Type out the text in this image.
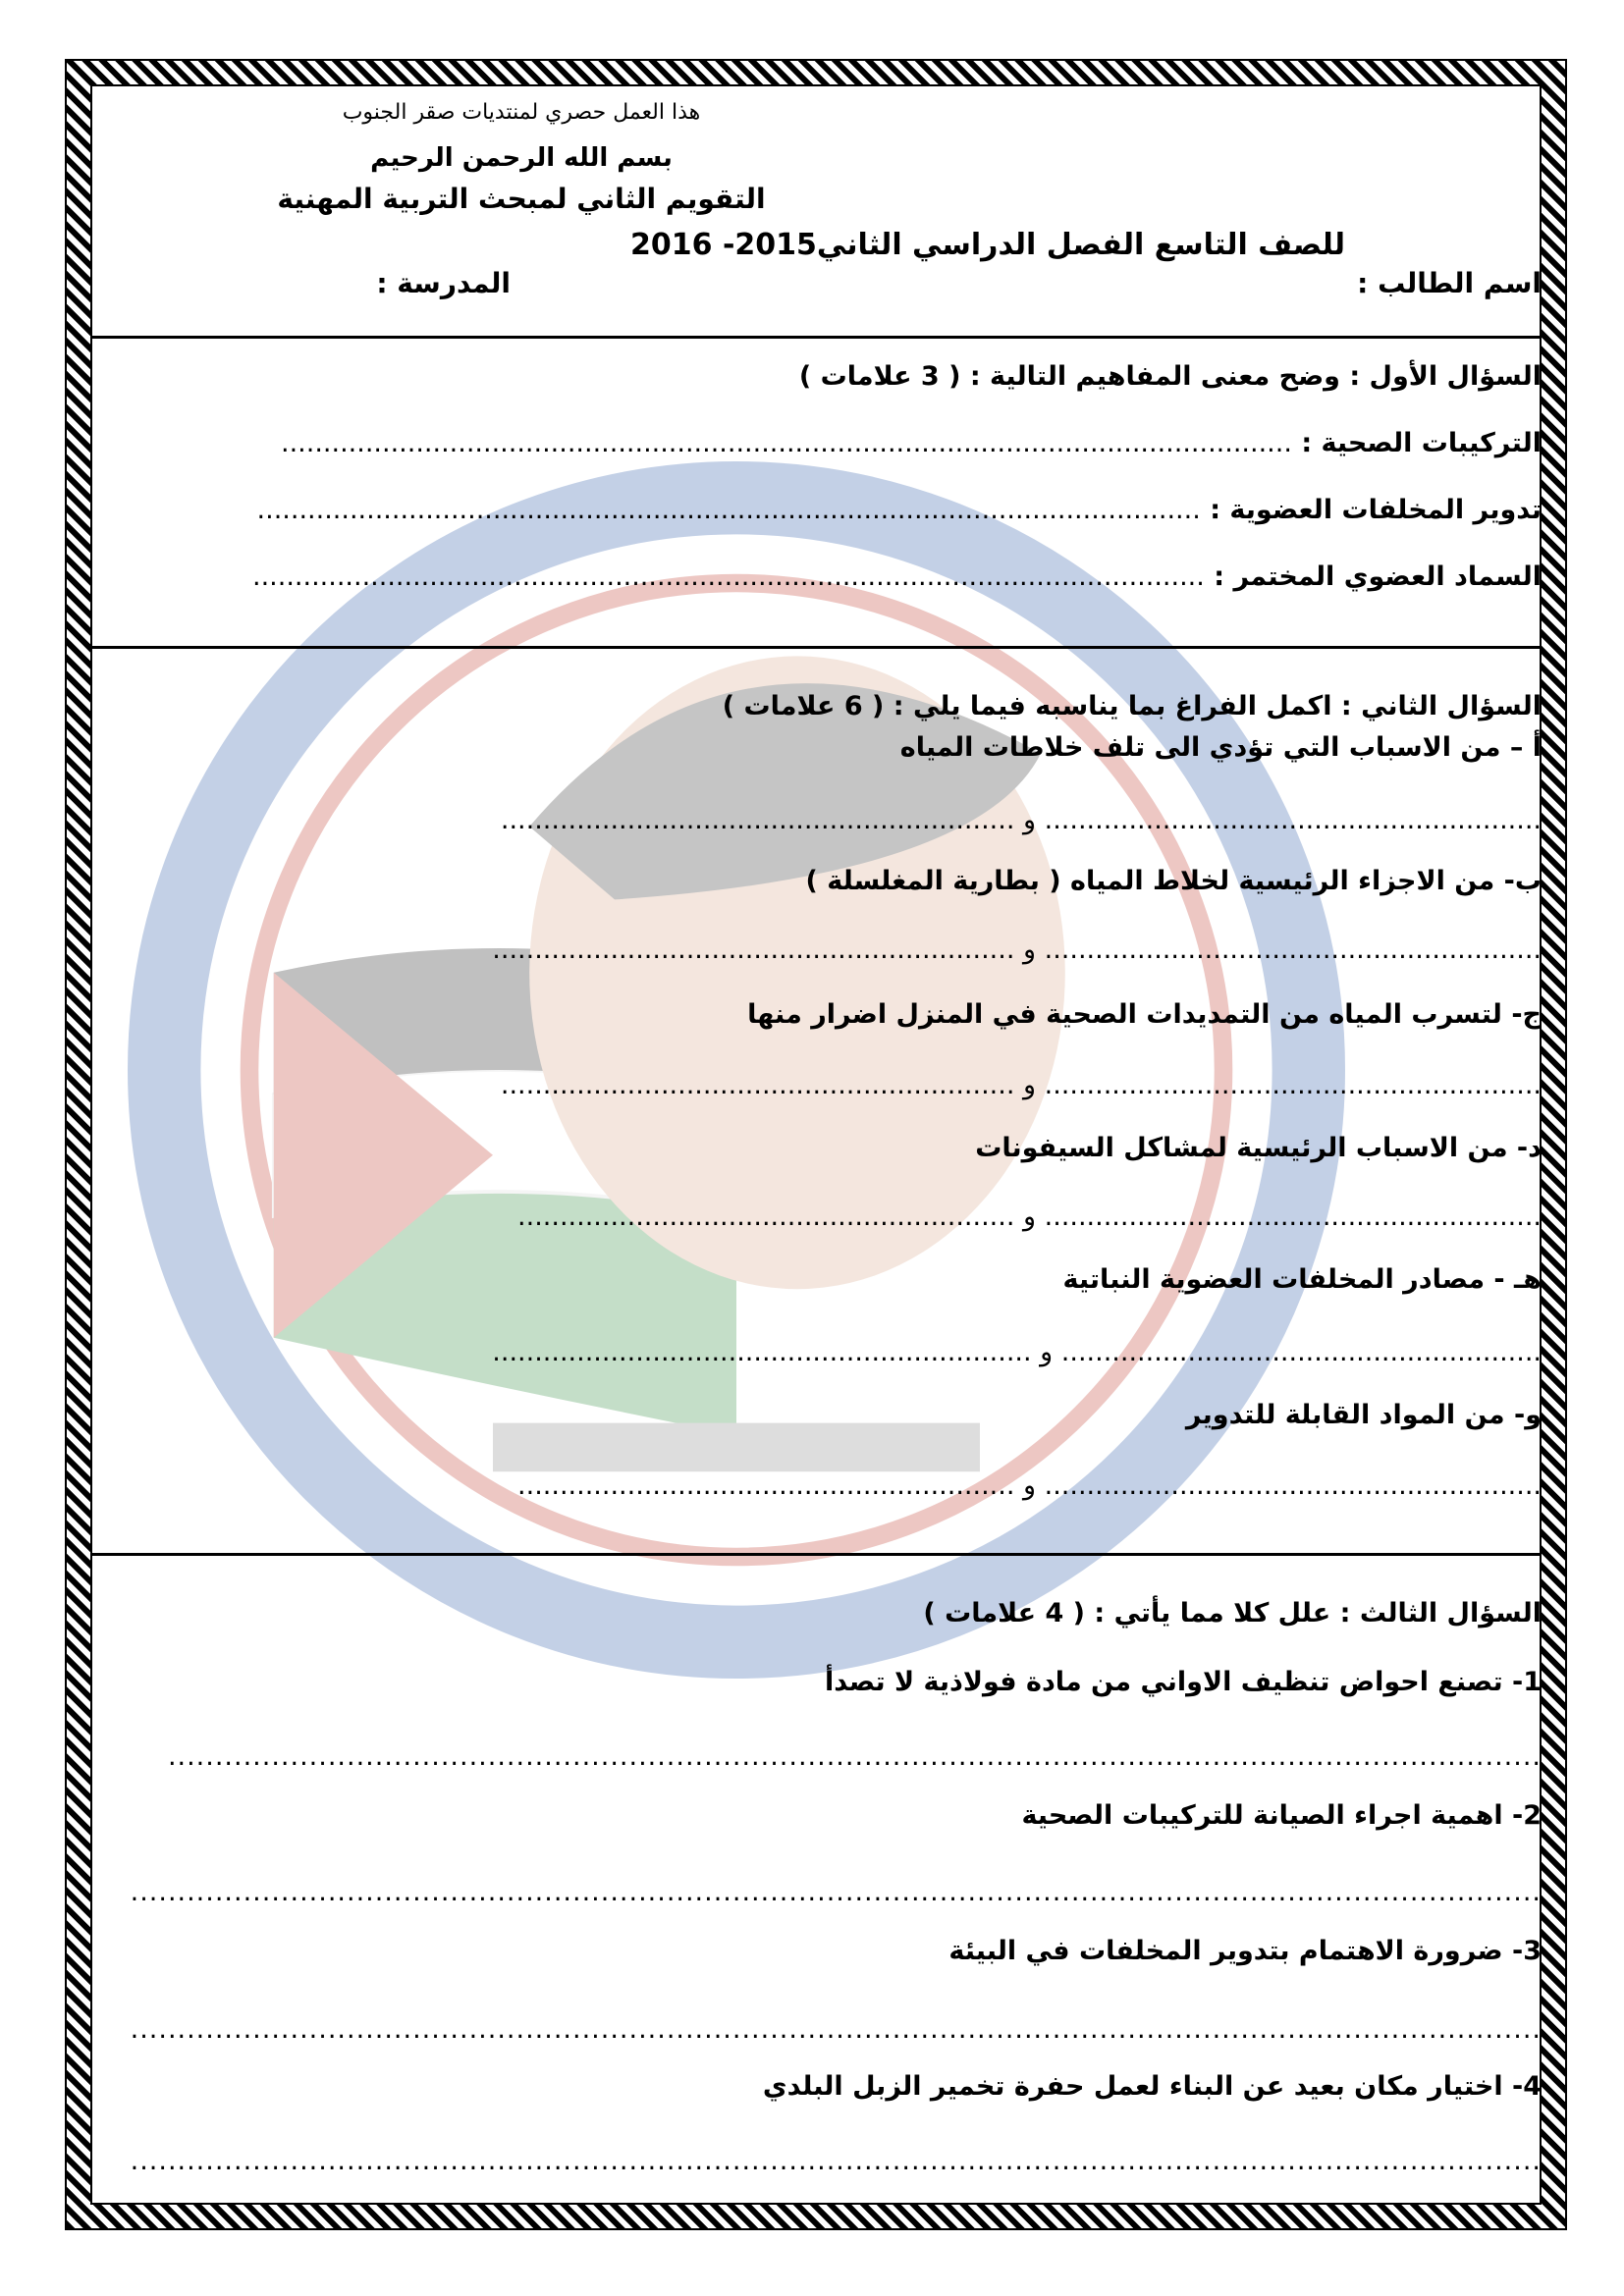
هذا العمل حصري لمنتديات صقر الجنوب
بسم الله الرحمن الرحيم
التقويم الثاني لمبحث التربية المهنية
للصف التاسع الفصل الدراسي الثاني2015- 2016
اسم الطالب :
المدرسة :
السؤال الأول : وضح معنى المفاهيم التالية : ( 3 علامات )
التركيبات الصحية : ........................................................................................................................
تدوير المخلفات العضوية : ................................................................................................................
السماد العضوي المختمر : .................................................................................................................
السؤال الثاني : اكمل الفراغ بما يناسبه فيما يلي : ( 6 علامات )
أ – من الاسباب التي تؤدي الى تلف خلاطات المياه
........................................................... و .............................................................
ب- من الاجزاء الرئيسية لخلاط المياه ( بطارية المغلسلة )
........................................................... و ..............................................................
ج- لتسرب المياه من التمديدات الصحية في المنزل اضرار منها
........................................................... و .............................................................
د- من الاسباب الرئيسية لمشاكل السيفونات
........................................................... و ...........................................................
هـ - مصادر المخلفات العضوية النباتية
......................................................... و ................................................................
و- من المواد القابلة للتدوير
........................................................... و ...........................................................
السؤال الثالث : علل كلا مما يأتي : ( 4 علامات )
1- تصنع احواض تنظيف الاواني من مادة فولاذية لا تصدأ
..................................................................................................................................................
2- اهمية اجراء الصيانة للتركيبات الصحية
......................................................................................................................................................
3- ضرورة الاهتمام بتدوير المخلفات في البيئة
......................................................................................................................................................
4- اختيار مكان بعيد عن البناء لعمل حفرة تخمير الزبل البلدي
......................................................................................................................................................
